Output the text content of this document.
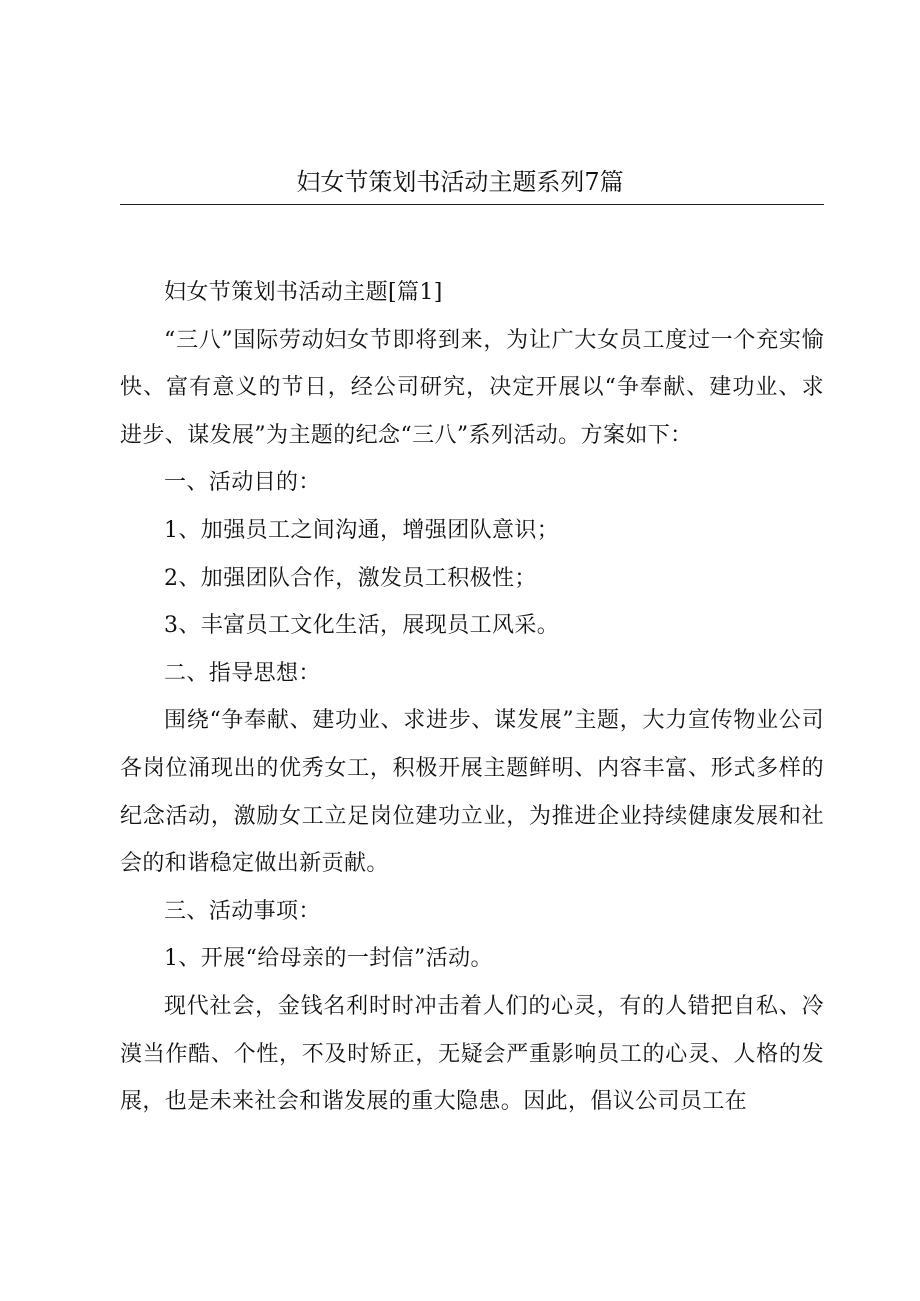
妇女节策划书活动主题系列7篇

妇女节策划书活动主题[篇1]

“三八”国际劳动妇女节即将到来，为让广大女员工度过一个充实愉快、富有意义的节日，经公司研究，决定开展以“争奉献、建功业、求进步、谋发展”为主题的纪念“三八”系列活动。方案如下：

一、活动目的：

1、加强员工之间沟通，增强团队意识；

2、加强团队合作，激发员工积极性；

3、丰富员工文化生活，展现员工风采。

二、指导思想：

围绕“争奉献、建功业、求进步、谋发展”主题，大力宣传物业公司各岗位涌现出的优秀女工，积极开展主题鲜明、内容丰富、形式多样的纪念活动，激励女工立足岗位建功立业，为推进企业持续健康发展和社会的和谐稳定做出新贡献。

三、活动事项：

1、开展“给母亲的一封信”活动。

现代社会，金钱名利时时冲击着人们的心灵，有的人错把自私、冷漠当作酷、个性，不及时矫正，无疑会严重影响员工的心灵、人格的发展，也是未来社会和谐发展的重大隐患。因此，倡议公司员工在
